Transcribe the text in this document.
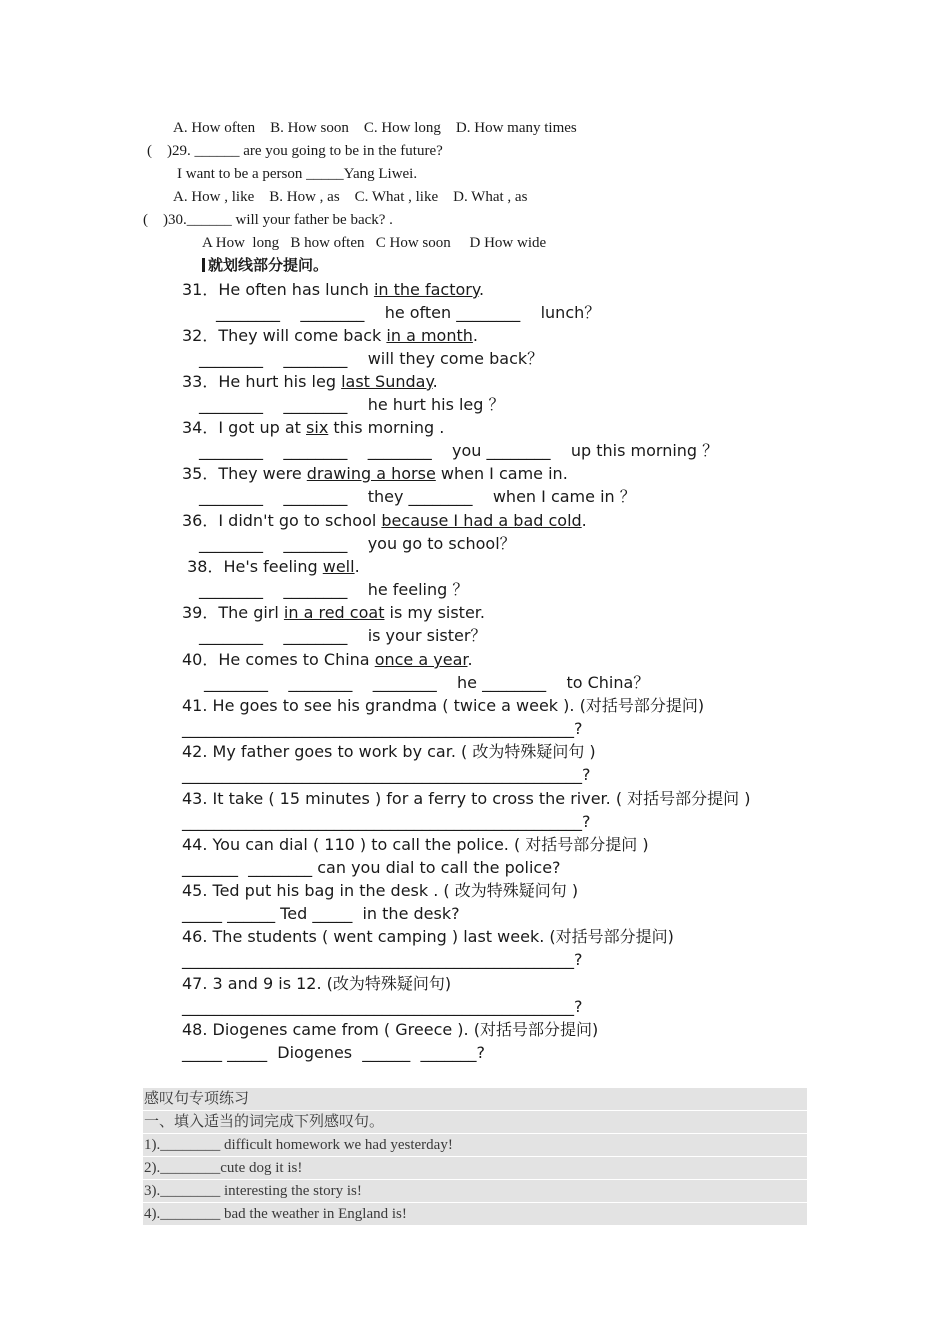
A. How often    B. How soon    C. How long    D. How many times
(    )29. ______ are you going to be in the future?
I want to be a person _____Yang Liwei.
A. How , like    B. How , as    C. What , like    D. What , as
(    )30.______ will your father be back? .
A How  long   B how often   C How soon     D How wide
就划线部分提问。
31．He often has lunch in the factory.
________    ________    he often ________    lunch？
32．They will come back in a month.
________    ________    will they come back？
33．He hurt his leg last Sunday.
________    ________    he hurt his leg ？
34．I got up at six this morning .
________    ________    ________    you ________    up this morning ？
35．They were drawing a horse when I came in.
________    ________    they ________    when I came in ？
36．I didn't go to school because I had a bad cold.
________    ________    you go to school？
38．He's feeling well.
________    ________    he feeling ？
39．The girl in a red coat is my sister.
________    ________    is your sister？
40．He comes to China once a year.
________    ________    ________    he ________    to China？
41. He goes to see his grandma ( twice a week ). (对括号部分提问)
_________________________________________________?
42. My father goes to work by car. ( 改为特殊疑问句 )
__________________________________________________?
43. It take ( 15 minutes ) for a ferry to cross the river. ( 对括号部分提问 )
__________________________________________________?
44. You can dial ( 110 ) to call the police. ( 对括号部分提问 )
_______  ________ can you dial to call the police?
45. Ted put his bag in the desk . ( 改为特殊疑问句 )
_____ ______ Ted _____  in the desk?
46. The students ( went camping ) last week. (对括号部分提问)
_________________________________________________?
47. 3 and 9 is 12. (改为特殊疑问句)
_________________________________________________?
48. Diogenes came from ( Greece ). (对括号部分提问)
_____ _____  Diogenes  ______  _______?
感叹句专项练习
一、填入适当的词完成下列感叹句。
1).________ difficult homework we had yesterday!
2).________cute dog it is!
3).________ interesting the story is!
4).________ bad the weather in England is!
